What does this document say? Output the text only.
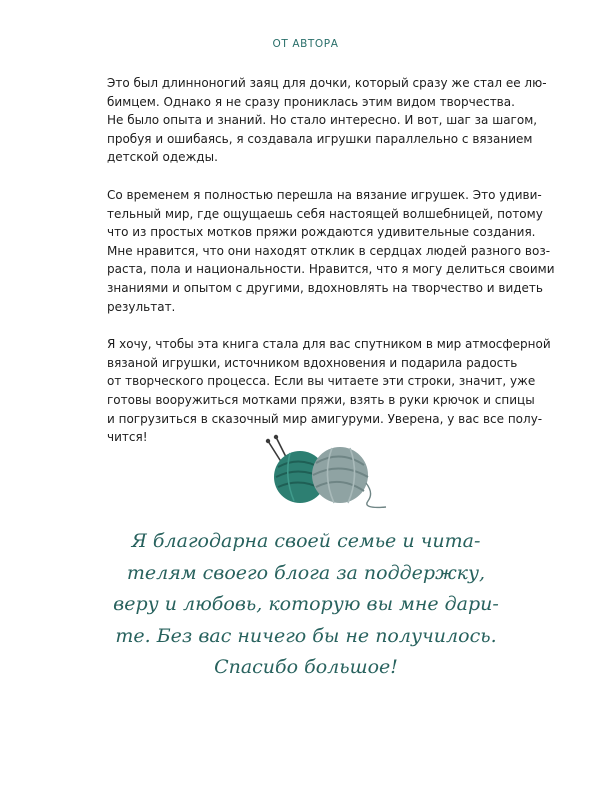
ОТ АВТОРА

Это был длинноногий заяц для дочки, который сразу же стал ее лю-
бимцем. Однако я не сразу прониклась этим видом творчества.
Не было опыта и знаний. Но стало интересно. И вот, шаг за шагом,
пробуя и ошибаясь, я создавала игрушки параллельно с вязанием
детской одежды.

Со временем я полностью перешла на вязание игрушек. Это удиви-
тельный мир, где ощущаешь себя настоящей волшебницей, потому
что из простых мотков пряжи рождаются удивительные создания.
Мне нравится, что они находят отклик в сердцах людей разного воз-
раста, пола и национальности. Нравится, что я могу делиться своими
знаниями и опытом с другими, вдохновлять на творчество и видеть
результат.

Я хочу, чтобы эта книга стала для вас спутником в мир атмосферной
вязаной игрушки, источником вдохновения и подарила радость
от творческого процесса. Если вы читаете эти строки, значит, уже
готовы вооружиться мотками пряжи, взять в руки крючок и спицы
и погрузиться в сказочный мир амигуруми. Уверена, у вас все полу-
чится!

Я благодарна своей семье и чита-
телям своего блога за поддержку,
веру и любовь, которую вы мне дари-
те. Без вас ничего бы не получилось.
Спасибо большое!
